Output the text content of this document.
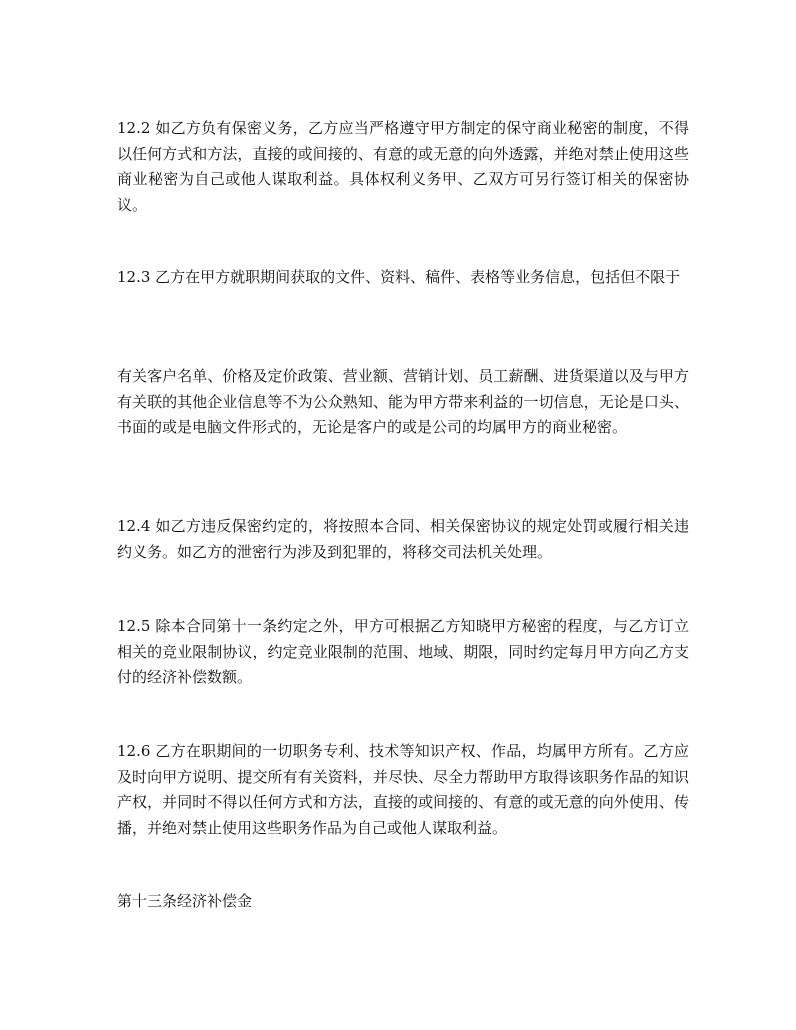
12.2 如乙方负有保密义务，乙方应当严格遵守甲方制定的保守商业秘密的制度，不得以任何方式和方法，直接的或间接的、有意的或无意的向外透露，并绝对禁止使用这些商业秘密为自己或他人谋取利益。具体权利义务甲、乙双方可另行签订相关的保密协议。

12.3 乙方在甲方就职期间获取的文件、资料、稿件、表格等业务信息，包括但不限于

有关客户名单、价格及定价政策、营业额、营销计划、员工薪酬、进货渠道以及与甲方有关联的其他企业信息等不为公众熟知、能为甲方带来利益的一切信息，无论是口头、书面的或是电脑文件形式的，无论是客户的或是公司的均属甲方的商业秘密。

12.4 如乙方违反保密约定的，将按照本合同、相关保密协议的规定处罚或履行相关违约义务。如乙方的泄密行为涉及到犯罪的，将移交司法机关处理。

12.5 除本合同第十一条约定之外，甲方可根据乙方知晓甲方秘密的程度，与乙方订立相关的竞业限制协议，约定竞业限制的范围、地域、期限，同时约定每月甲方向乙方支付的经济补偿数额。

12.6 乙方在职期间的一切职务专利、技术等知识产权、作品，均属甲方所有。乙方应及时向甲方说明、提交所有有关资料，并尽快、尽全力帮助甲方取得该职务作品的知识产权，并同时不得以任何方式和方法，直接的或间接的、有意的或无意的向外使用、传播，并绝对禁止使用这些职务作品为自己或他人谋取利益。

第十三条经济补偿金
